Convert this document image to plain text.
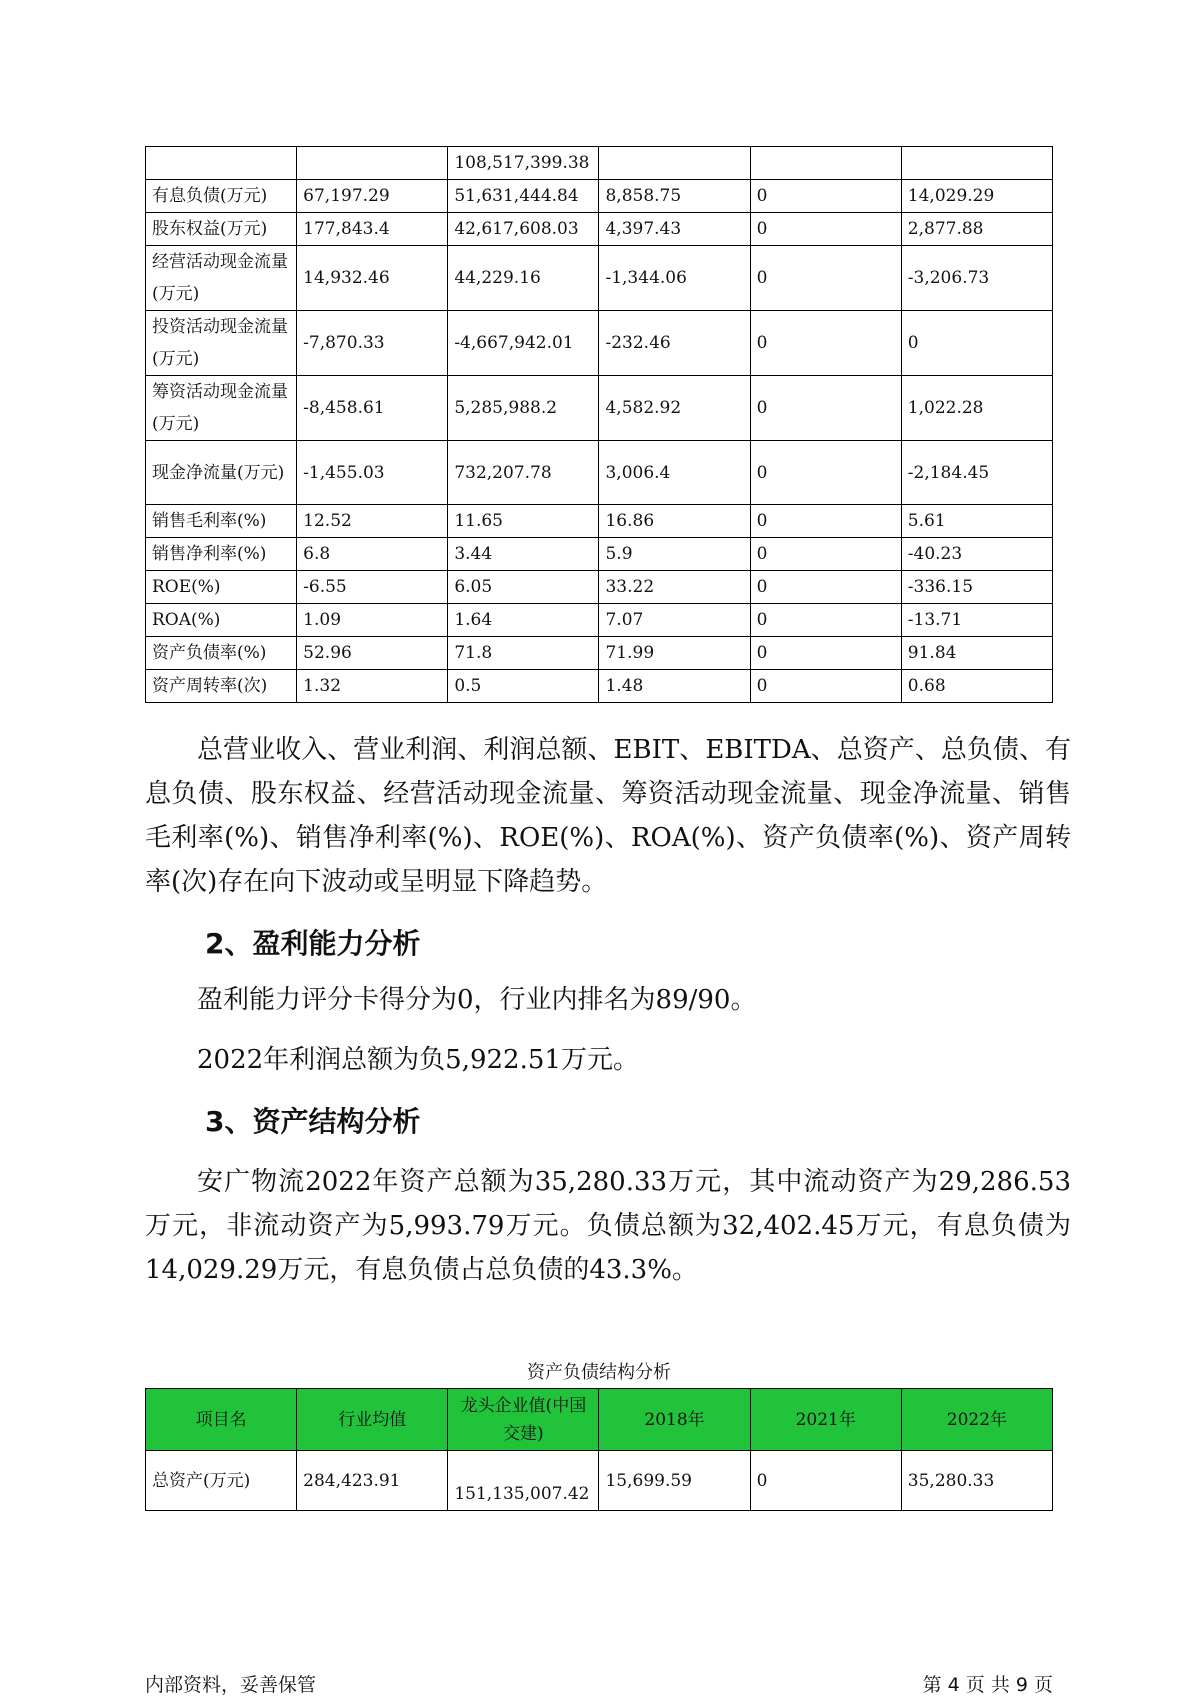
		108,517,399.38			
有息负债(万元)	67,197.29	51,631,444.84	8,858.75	0	14,029.29
股东权益(万元)	177,843.4	42,617,608.03	4,397.43	0	2,877.88
经营活动现金流量(万元)	14,932.46	44,229.16	-1,344.06	0	-3,206.73
投资活动现金流量(万元)	-7,870.33	-4,667,942.01	-232.46	0	0
筹资活动现金流量(万元)	-8,458.61	5,285,988.2	4,582.92	0	1,022.28
现金净流量(万元)	-1,455.03	732,207.78	3,006.4	0	-2,184.45
销售毛利率(%)	12.52	11.65	16.86	0	5.61
销售净利率(%)	6.8	3.44	5.9	0	-40.23
ROE(%)	-6.55	6.05	33.22	0	-336.15
ROA(%)	1.09	1.64	7.07	0	-13.71
资产负债率(%)	52.96	71.8	71.99	0	91.84
资产周转率(次)	1.32	0.5	1.48	0	0.68

总营业收入、营业利润、利润总额、EBIT、EBITDA、总资产、总负债、有息负债、股东权益、经营活动现金流量、筹资活动现金流量、现金净流量、销售毛利率(%)、销售净利率(%)、ROE(%)、ROA(%)、资产负债率(%)、资产周转率(次)存在向下波动或呈明显下降趋势。

2、盈利能力分析

盈利能力评分卡得分为0，行业内排名为89/90。

2022年利润总额为负5,922.51万元。

3、资产结构分析

安广物流2022年资产总额为35,280.33万元，其中流动资产为29,286.53万元，非流动资产为5,993.79万元。负债总额为32,402.45万元，有息负债为14,029.29万元，有息负债占总负债的43.3%。

资产负债结构分析
项目名	行业均值	龙头企业值(中国交建)	2018年	2021年	2022年
总资产(万元)	284,423.91	151,135,007.42	15,699.59	0	35,280.33
内部资料，妥善保管	第 4 页 共 9 页
